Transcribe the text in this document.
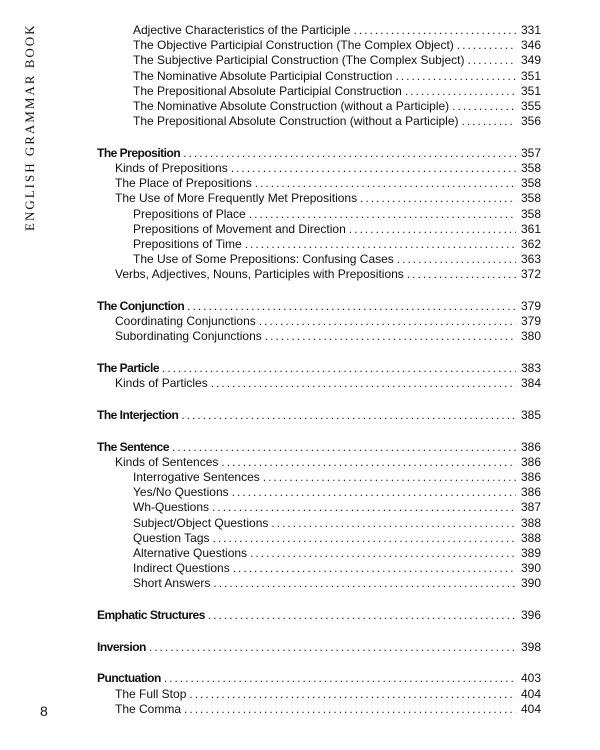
ENGLISH GRAMMAR BOOK	Adjective Characteristics of the Participle .....	331
The Objective Participial Construction (The Complex Object) .....	346
The Subjective Participial Construction (The Complex Subject) .....	349
The Nominative Absolute Participial Construction .....	351
The Prepositional Absolute Participial Construction .....	351
The Nominative Absolute Construction (without a Participle) .....	355
The Prepositional Absolute Construction (without a Participle) .....	356
The Preposition .....	357
Kinds of Prepositions .....	358
The Place of Prepositions .....	358
The Use of More Frequently Met Prepositions .....	358
Prepositions of Place .....	358
Prepositions of Movement and Direction .....	361
Prepositions of Time .....	362
The Use of Some Prepositions: Confusing Cases .....	363
Verbs, Adjectives, Nouns, Participles with Prepositions .....	372
The Conjunction .....	379
Coordinating Conjunctions .....	379
Subordinating Conjunctions .....	380
The Particle .....	383
Kinds of Particles .....	384
The Interjection .....	385
The Sentence .....	386
Kinds of Sentences .....	386
Interrogative Sentences .....	386
Yes/No Questions .....	386
Wh-Questions .....	387
Subject/Object Questions .....	388
Question Tags .....	388
Alternative Questions .....	389
Indirect Questions .....	390
Short Answers .....	390
Emphatic Structures .....	396
Inversion .....	398
Punctuation .....	403
The Full Stop .....	404
The Comma .....	404
8
